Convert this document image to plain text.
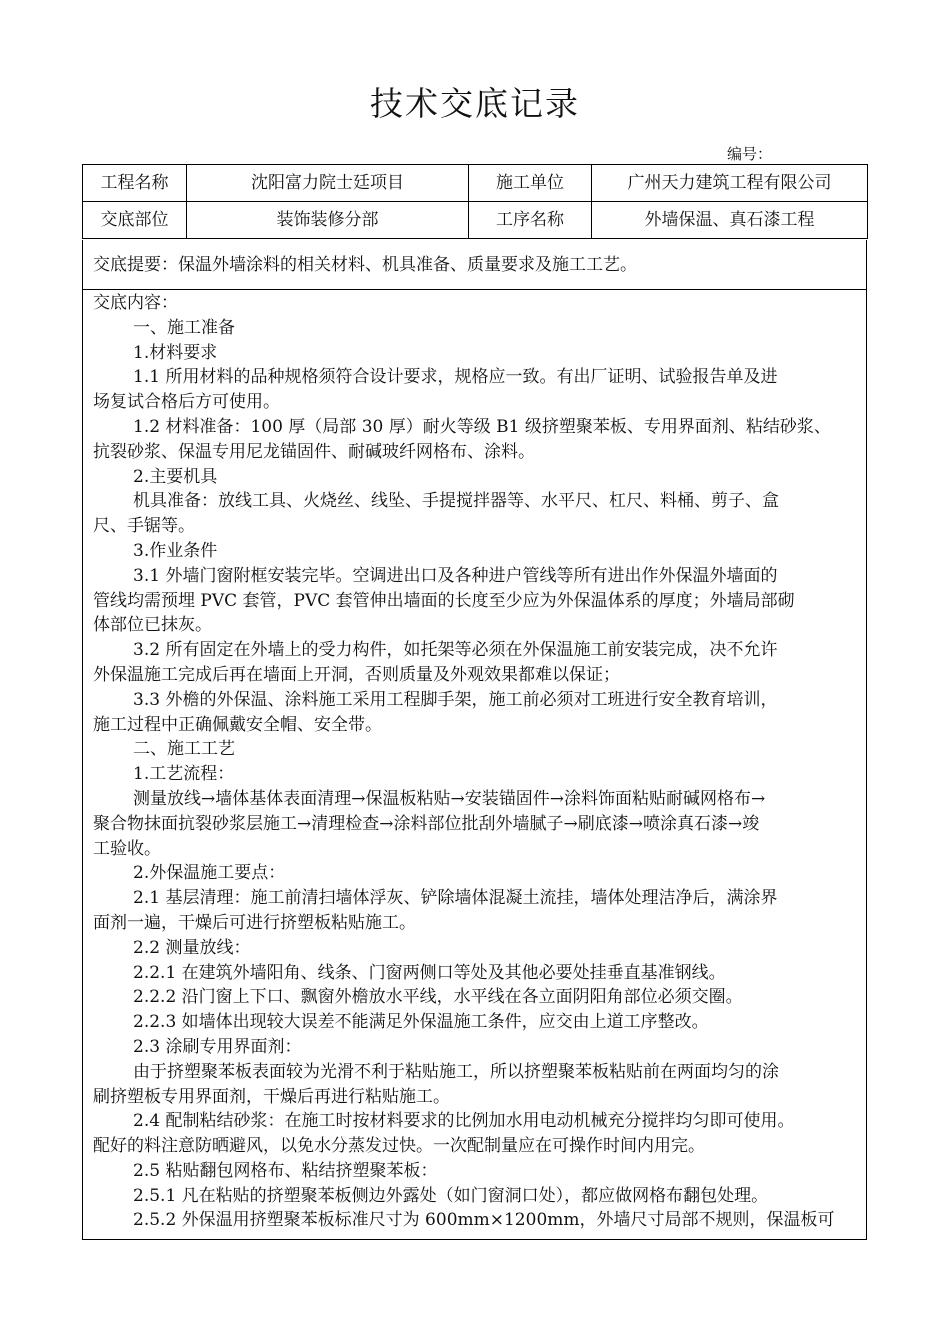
技术交底记录
编号：
工程名称	沈阳富力院士廷项目	施工单位	广州天力建筑工程有限公司
交底部位	装饰装修分部	工序名称	外墙保温、真石漆工程
交底提要：保温外墙涂料的相关材料、机具准备、质量要求及施工工艺。
交底内容：
一、施工准备
1.材料要求
1.1 所用材料的品种规格须符合设计要求，规格应一致。有出厂证明、试验报告单及进
场复试合格后方可使用。
1.2 材料准备：100 厚（局部 30 厚）耐火等级 B1 级挤塑聚苯板、专用界面剂、粘结砂浆、
抗裂砂浆、保温专用尼龙锚固件、耐碱玻纤网格布、涂料。
2.主要机具
机具准备：放线工具、火烧丝、线坠、手提搅拌器等、水平尺、杠尺、料桶、剪子、盒
尺、手锯等。
3.作业条件
3.1 外墙门窗附框安装完毕。空调进出口及各种进户管线等所有进出作外保温外墙面的
管线均需预埋 PVC 套管，PVC 套管伸出墙面的长度至少应为外保温体系的厚度；外墙局部砌
体部位已抹灰。
3.2 所有固定在外墙上的受力构件，如托架等必须在外保温施工前安装完成，决不允许
外保温施工完成后再在墙面上开洞，否则质量及外观效果都难以保证；
3.3 外檐的外保温、涂料施工采用工程脚手架，施工前必须对工班进行安全教育培训，
施工过程中正确佩戴安全帽、安全带。
二、施工工艺
1.工艺流程：
测量放线→墙体基体表面清理→保温板粘贴→安装锚固件→涂料饰面粘贴耐碱网格布→
聚合物抹面抗裂砂浆层施工→清理检查→涂料部位批刮外墙腻子→刷底漆→喷涂真石漆→竣
工验收。
2.外保温施工要点：
2.1 基层清理：施工前清扫墙体浮灰、铲除墙体混凝土流挂，墙体处理洁净后，满涂界
面剂一遍，干燥后可进行挤塑板粘贴施工。
2.2 测量放线：
2.2.1 在建筑外墙阳角、线条、门窗两侧口等处及其他必要处挂垂直基准钢线。
2.2.2 沿门窗上下口、飘窗外檐放水平线，水平线在各立面阴阳角部位必须交圈。
2.2.3 如墙体出现较大误差不能满足外保温施工条件，应交由上道工序整改。
2.3 涂刷专用界面剂：
由于挤塑聚苯板表面较为光滑不利于粘贴施工，所以挤塑聚苯板粘贴前在两面均匀的涂
刷挤塑板专用界面剂，干燥后再进行粘贴施工。
2.4 配制粘结砂浆：在施工时按材料要求的比例加水用电动机械充分搅拌均匀即可使用。
配好的料注意防晒避风，以免水分蒸发过快。一次配制量应在可操作时间内用完。
2.5 粘贴翻包网格布、粘结挤塑聚苯板：
2.5.1 凡在粘贴的挤塑聚苯板侧边外露处（如门窗洞口处），都应做网格布翻包处理。
2.5.2 外保温用挤塑聚苯板标准尺寸为 600mm×1200mm，外墙尺寸局部不规则，保温板可
